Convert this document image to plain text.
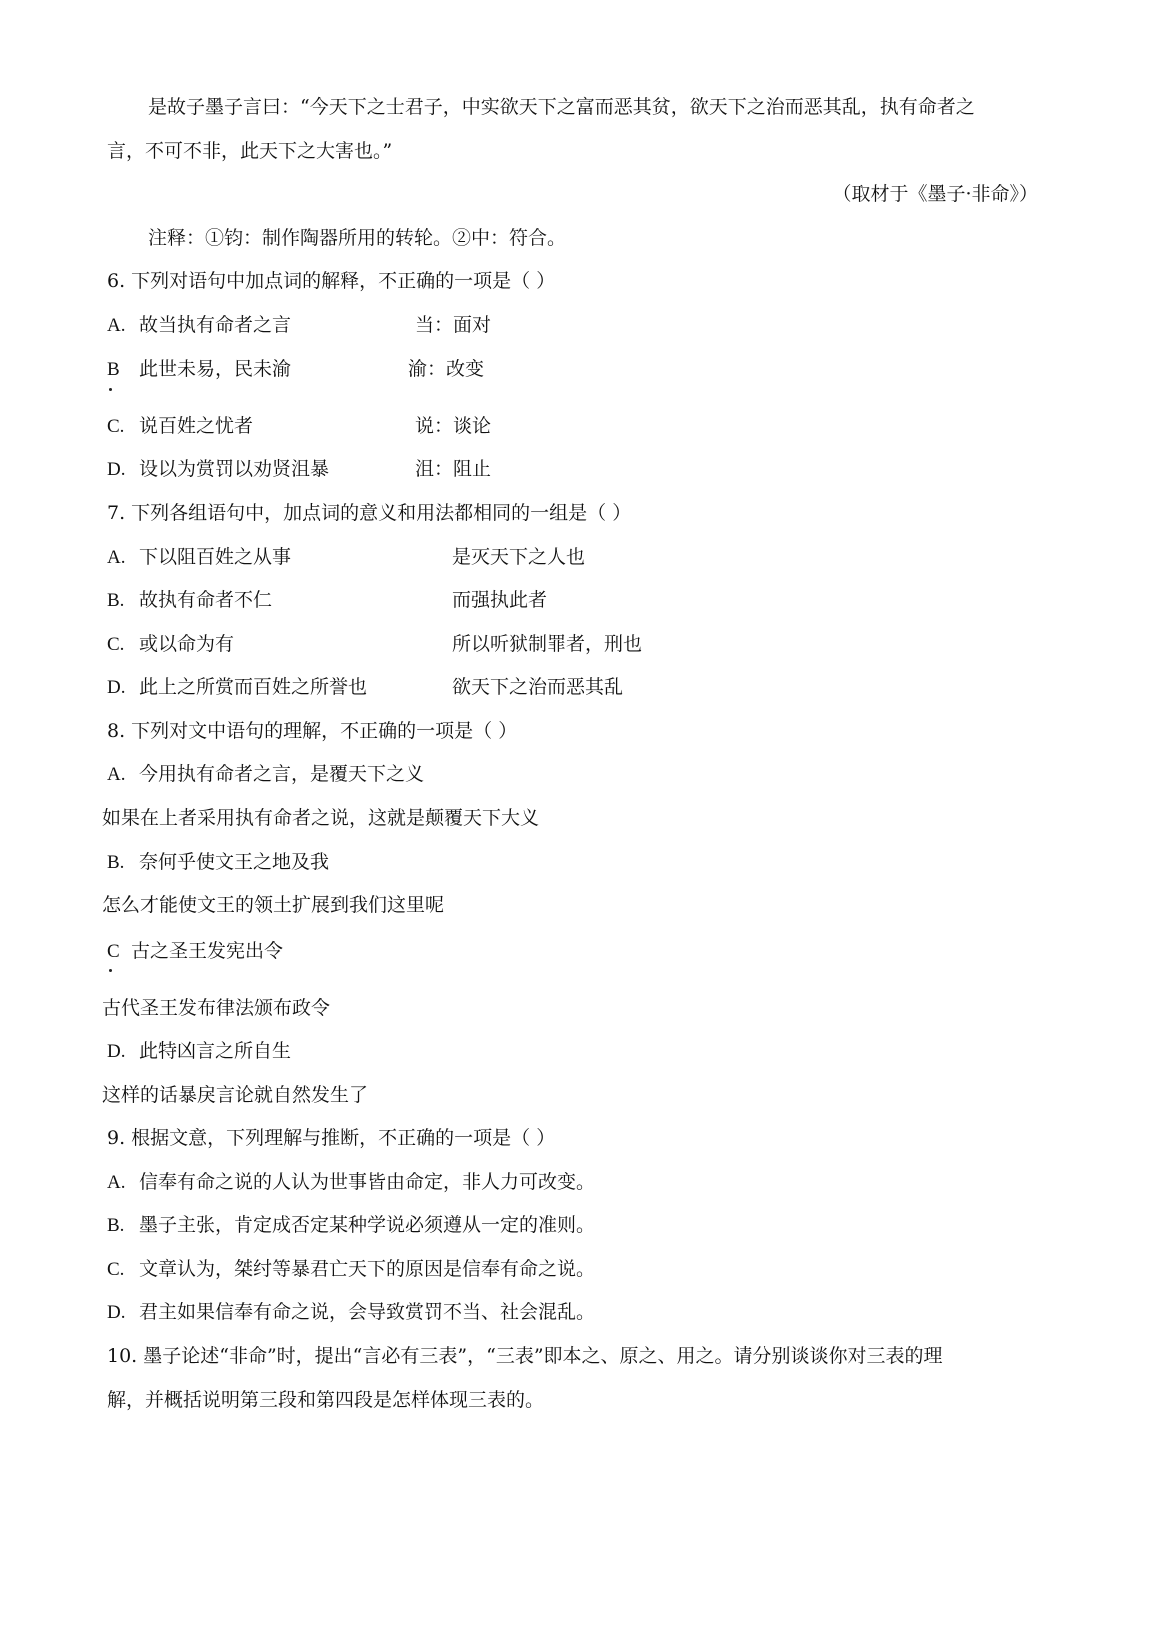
是故子墨子言曰：“今天下之士君子，中实欲天下之富而恶其贫，欲天下之治而恶其乱，执有命者之
言，不可不非，此天下之大害也。”
（取材于《墨子·非命》）
注释：①钧：制作陶器所用的转轮。②中：符合。
6. 下列对语句中加点词的解释，不正确的一项是（ ）
A. 故当执有命者之言	当：面对
B 此世未易，民未渝	渝：改变
C. 说百姓之忧者	说：谈论
D. 设以为赏罚以劝贤沮暴	沮：阻止
7. 下列各组语句中，加点词的意义和用法都相同的一组是（ ）
A. 下以阻百姓之从事	是灭天下之人也
B. 故执有命者不仁	而强执此者
C. 或以命为有	所以听狱制罪者，刑也
D. 此上之所赏而百姓之所誉也	欲天下之治而恶其乱
8. 下列对文中语句的理解，不正确的一项是（ ）
A. 今用执有命者之言，是覆天下之义
如果在上者采用执有命者之说，这就是颠覆天下大义
B. 奈何乎使文王之地及我
怎么才能使文王的领土扩展到我们这里呢
C 古之圣王发宪出令
古代圣王发布律法颁布政令
D. 此特凶言之所自生
这样的话暴戾言论就自然发生了
9. 根据文意，下列理解与推断，不正确的一项是（ ）
A. 信奉有命之说的人认为世事皆由命定，非人力可改变。
B. 墨子主张，肯定成否定某种学说必须遵从一定的准则。
C. 文章认为，桀纣等暴君亡天下的原因是信奉有命之说。
D. 君主如果信奉有命之说，会导致赏罚不当、社会混乱。
10. 墨子论述“非命”时，提出“言必有三表”，“三表”即本之、原之、用之。请分别谈谈你对三表的理
解，并概括说明第三段和第四段是怎样体现三表的。
